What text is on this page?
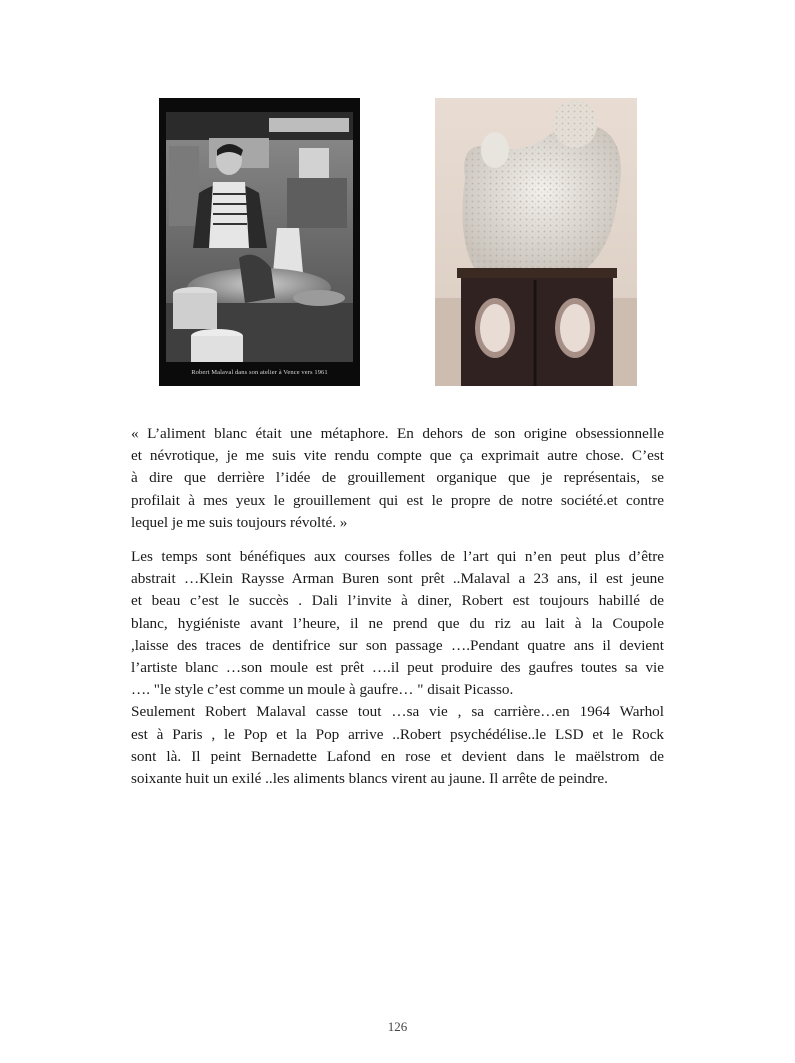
Robert Malaval dans son atelier à Vence vers 1961
« L’aliment blanc était une métaphore. En dehors de son origine obsessionnelle
et névrotique, je me suis vite rendu compte que ça exprimait autre chose. C’est
à dire que derrière l’idée de grouillement organique que je représentais, se
profilait à mes yeux le grouillement qui est le propre de notre société.et contre
lequel je me suis toujours révolté. »
Les temps sont bénéfiques aux courses folles de l’art qui n’en peut plus d’être
abstrait …Klein Raysse Arman Buren sont prêt ..Malaval a 23 ans, il est jeune
et beau c’est le succès . Dali l’invite à diner, Robert est toujours habillé de
blanc, hygiéniste avant l’heure, il ne prend que du riz au lait à la Coupole
,laisse des traces de dentifrice sur son passage ….Pendant quatre ans il devient
l’artiste blanc …son moule est prêt ….il peut produire des gaufres toutes sa vie
…. "le style c’est comme un moule à gaufre… " disait Picasso.
Seulement Robert Malaval casse tout …sa vie , sa carrière…en 1964 Warhol
est à Paris , le Pop et la Pop arrive ..Robert psychédélise..le LSD et le Rock
sont là. Il peint Bernadette Lafond en rose et devient dans le maëlstrom de
soixante huit un exilé ..les aliments blancs virent au jaune. Il arrête de peindre.
126
